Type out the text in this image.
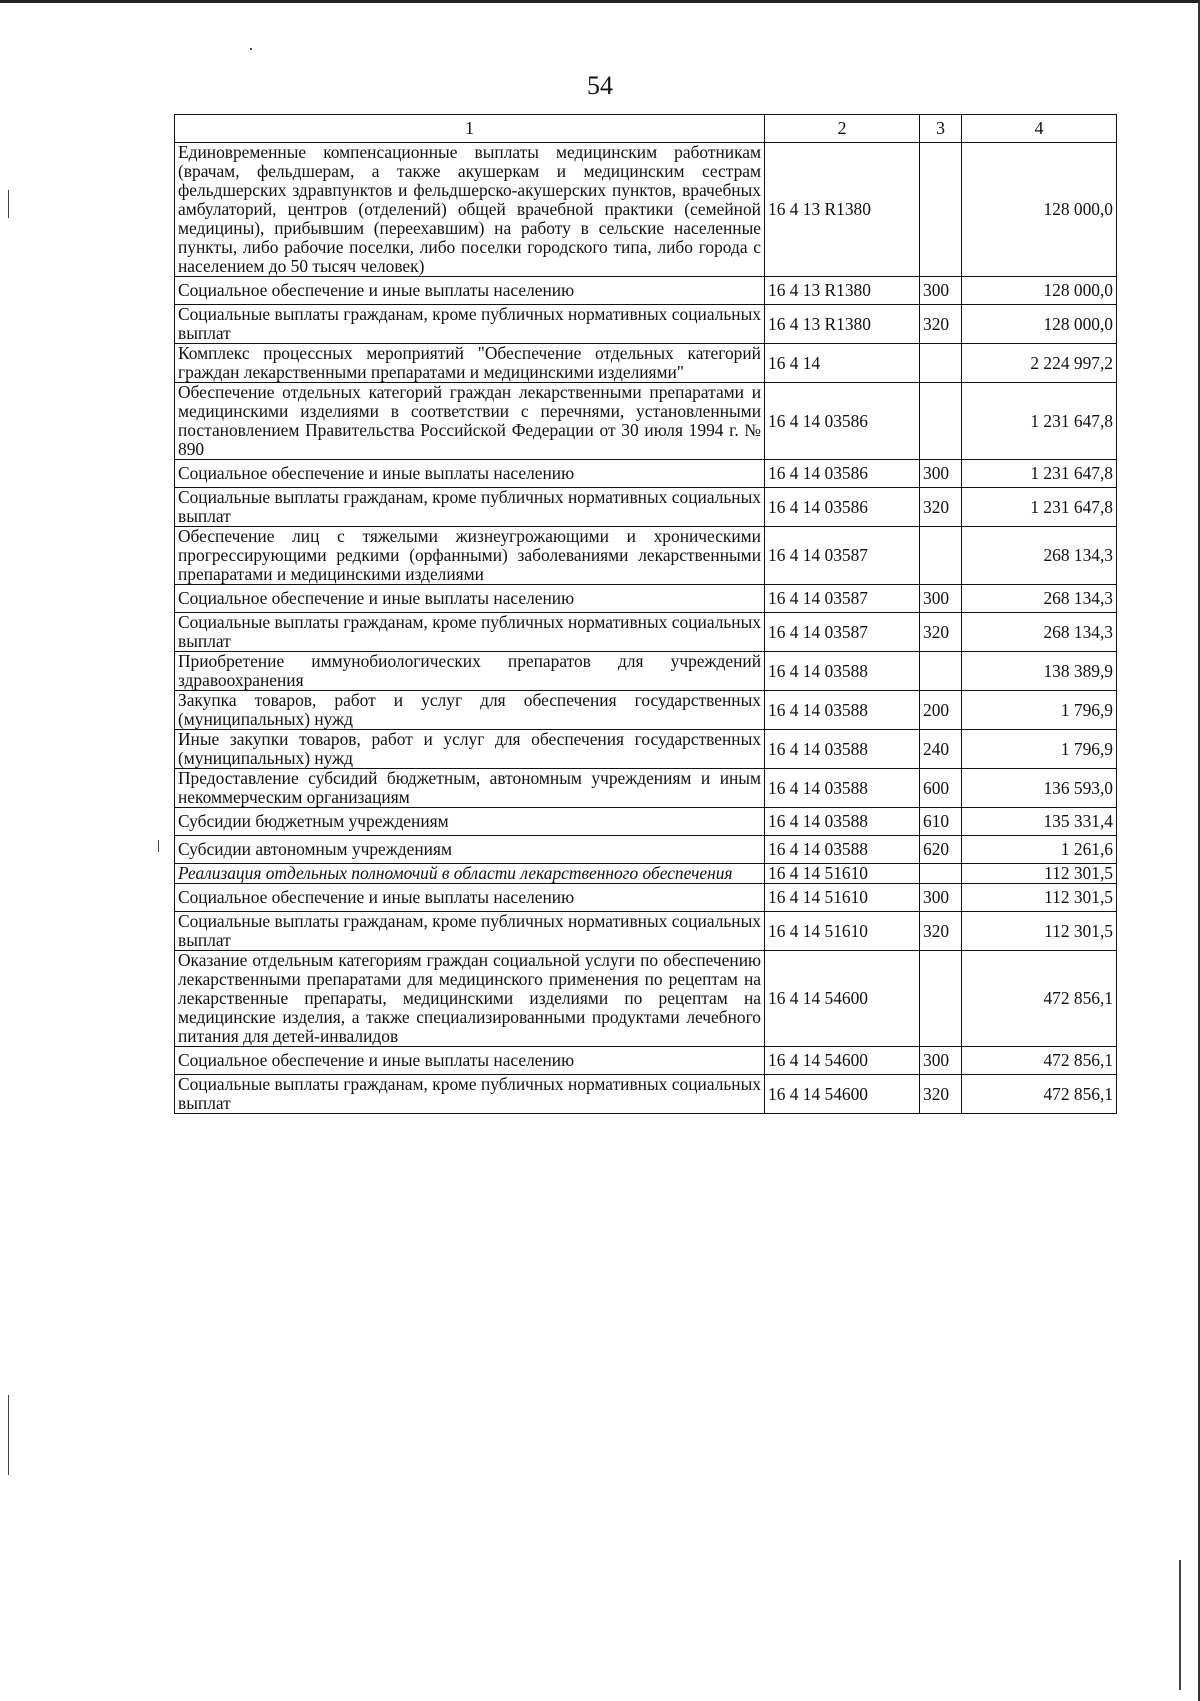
54
1	2	3	4
Единовременные компенсационные выплаты медицинским работникам (врачам, фельдшерам, а также акушеркам и медицинским сестрам фельдшерских здравпунктов и фельдшерско-акушерских пунктов, врачебных амбулаторий, центров (отделений) общей врачебной практики (семейной медицины), прибывшим (переехавшим) на работу в сельские населенные пункты, либо рабочие поселки, либо поселки городского типа, либо города с населением до 50 тысяч человек)	16 4 13 R1380		128 000,0
Социальное обеспечение и иные выплаты населению	16 4 13 R1380	300	128 000,0
Социальные выплаты гражданам, кроме публичных нормативных социальных выплат	16 4 13 R1380	320	128 000,0
Комплекс процессных мероприятий "Обеспечение отдельных категорий граждан лекарственными препаратами и медицинскими изделиями"	16 4 14		2 224 997,2
Обеспечение отдельных категорий граждан лекарственными препаратами и медицинскими изделиями в соответствии с перечнями, установленными постановлением Правительства Российской Федерации от 30 июля 1994 г. № 890	16 4 14 03586		1 231 647,8
Социальное обеспечение и иные выплаты населению	16 4 14 03586	300	1 231 647,8
Социальные выплаты гражданам, кроме публичных нормативных социальных выплат	16 4 14 03586	320	1 231 647,8
Обеспечение лиц с тяжелыми жизнеугрожающими и хроническими прогрессирующими редкими (орфанными) заболеваниями лекарственными препаратами и медицинскими изделиями	16 4 14 03587		268 134,3
Социальное обеспечение и иные выплаты населению	16 4 14 03587	300	268 134,3
Социальные выплаты гражданам, кроме публичных нормативных социальных выплат	16 4 14 03587	320	268 134,3
Приобретение иммунобиологических препаратов для учреждений здравоохранения	16 4 14 03588		138 389,9
Закупка товаров, работ и услуг для обеспечения государственных (муниципальных) нужд	16 4 14 03588	200	1 796,9
Иные закупки товаров, работ и услуг для обеспечения государственных (муниципальных) нужд	16 4 14 03588	240	1 796,9
Предоставление субсидий бюджетным, автономным учреждениям и иным некоммерческим организациям	16 4 14 03588	600	136 593,0
Субсидии бюджетным учреждениям	16 4 14 03588	610	135 331,4
Субсидии автономным учреждениям	16 4 14 03588	620	1 261,6
Реализация отдельных полномочий в области лекарственного обеспечения	16 4 14 51610		112 301,5
Социальное обеспечение и иные выплаты населению	16 4 14 51610	300	112 301,5
Социальные выплаты гражданам, кроме публичных нормативных социальных выплат	16 4 14 51610	320	112 301,5
Оказание отдельным категориям граждан социальной услуги по обеспечению лекарственными препаратами для медицинского применения по рецептам на лекарственные препараты, медицинскими изделиями по рецептам на медицинские изделия, а также специализированными продуктами лечебного питания для детей-инвалидов	16 4 14 54600		472 856,1
Социальное обеспечение и иные выплаты населению	16 4 14 54600	300	472 856,1
Социальные выплаты гражданам, кроме публичных нормативных социальных выплат	16 4 14 54600	320	472 856,1
